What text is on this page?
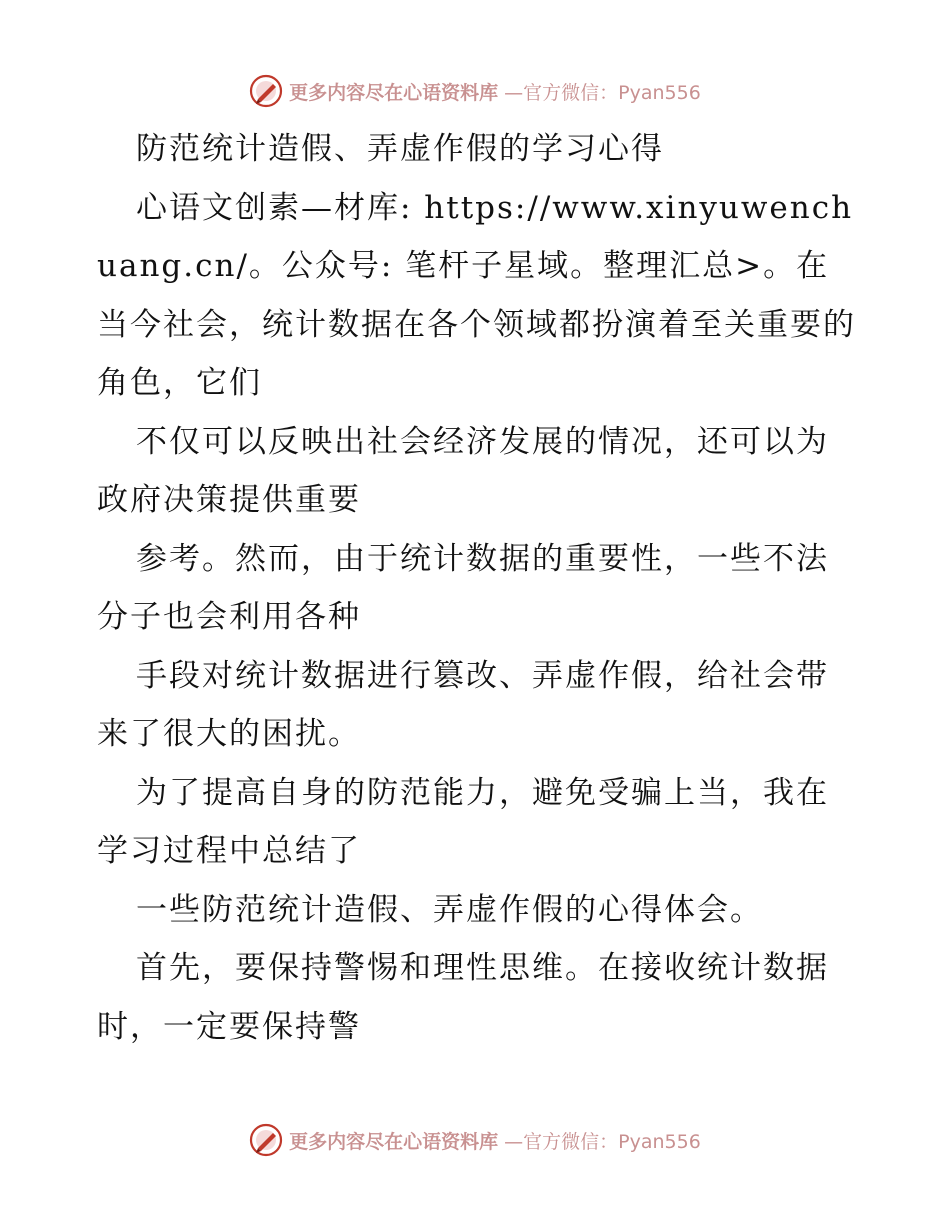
更多内容尽在心语资料库 —官方微信：Pyan556

防范统计造假、弄虚作假的学习心得

心语文创素—材库: https://www.xinyuwenchuang.cn/。公众号: 笔杆子星域。整理汇总>。在当今社会，统计数据在各个领域都扮演着至关重要的角色，它们

不仅可以反映出社会经济发展的情况，还可以为政府决策提供重要

参考。然而，由于统计数据的重要性，一些不法分子也会利用各种

手段对统计数据进行篡改、弄虚作假，给社会带来了很大的困扰。

为了提高自身的防范能力，避免受骗上当，我在学习过程中总结了

一些防范统计造假、弄虚作假的心得体会。

首先，要保持警惕和理性思维。在接收统计数据时，一定要保持警

更多内容尽在心语资料库 —官方微信：Pyan556
